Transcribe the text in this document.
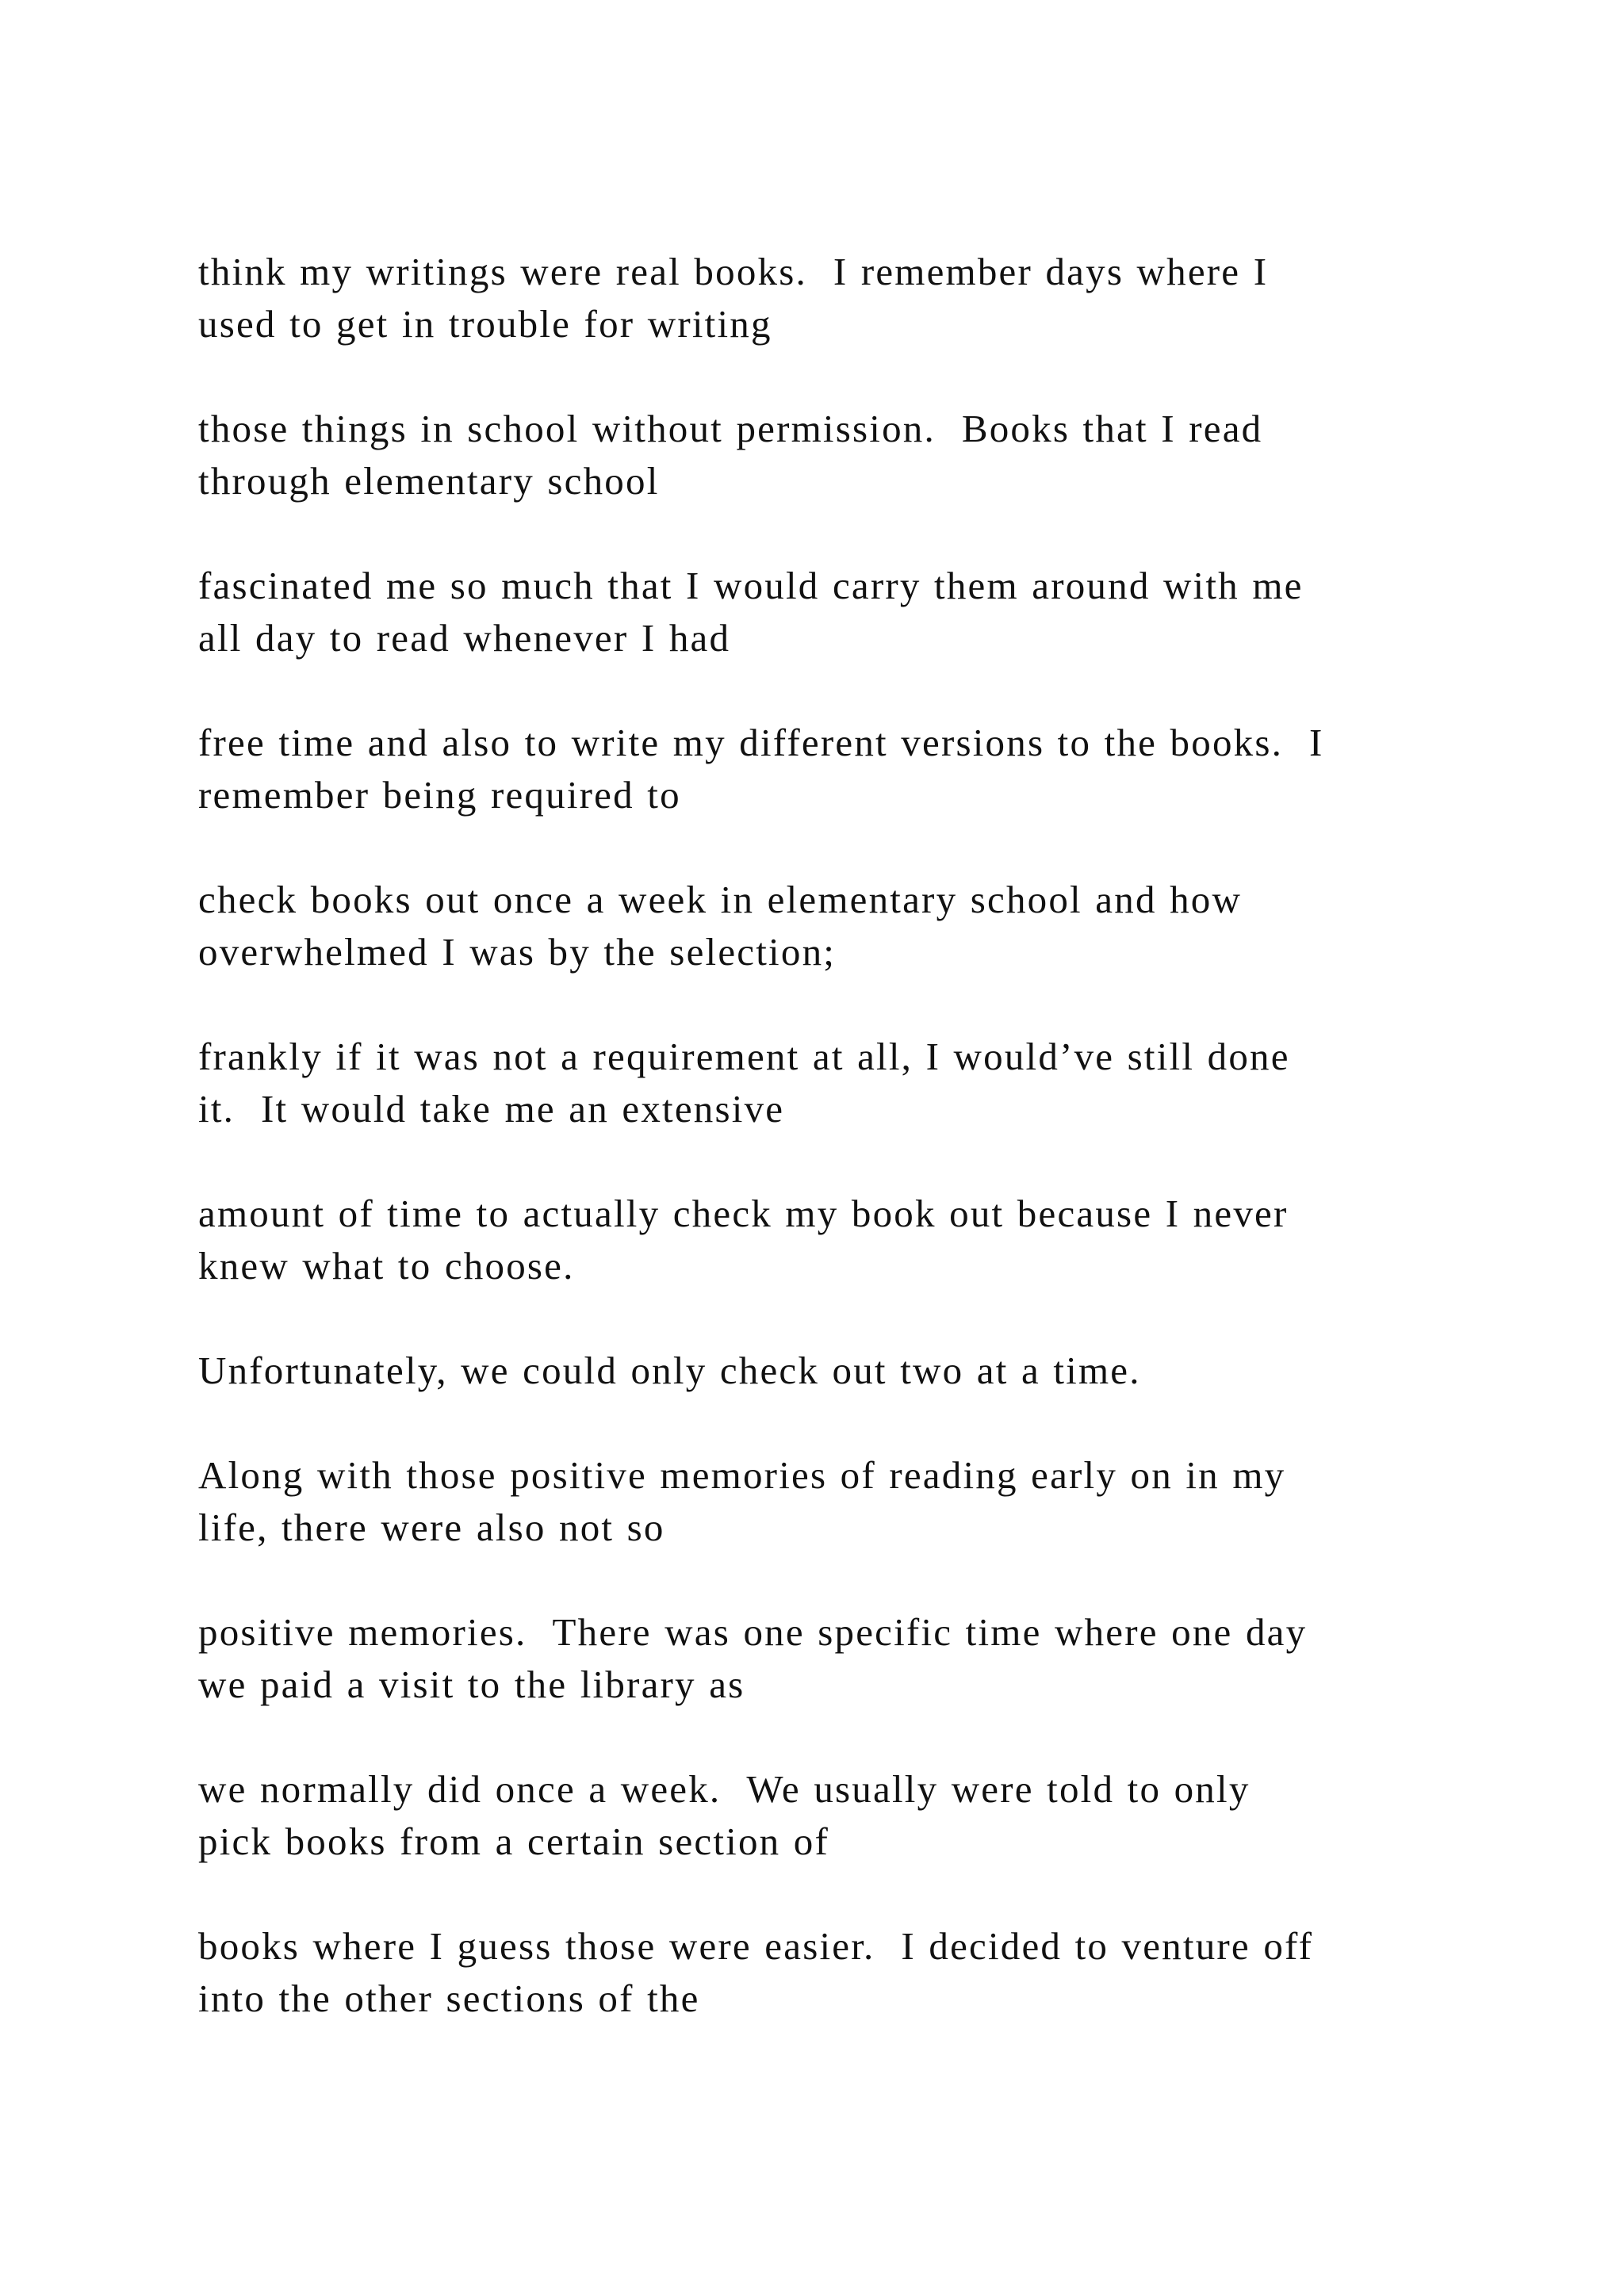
think my writings were real books.  I remember days where I
used to get in trouble for writing

those things in school without permission.  Books that I read
through elementary school

fascinated me so much that I would carry them around with me
all day to read whenever I had

free time and also to write my different versions to the books.  I
remember being required to

check books out once a week in elementary school and how
overwhelmed I was by the selection;

frankly if it was not a requirement at all, I would’ve still done
it.  It would take me an extensive

amount of time to actually check my book out because I never
knew what to choose.

Unfortunately, we could only check out two at a time.

Along with those positive memories of reading early on in my
life, there were also not so

positive memories.  There was one specific time where one day
we paid a visit to the library as

we normally did once a week.  We usually were told to only
pick books from a certain section of

books where I guess those were easier.  I decided to venture off
into the other sections of the
